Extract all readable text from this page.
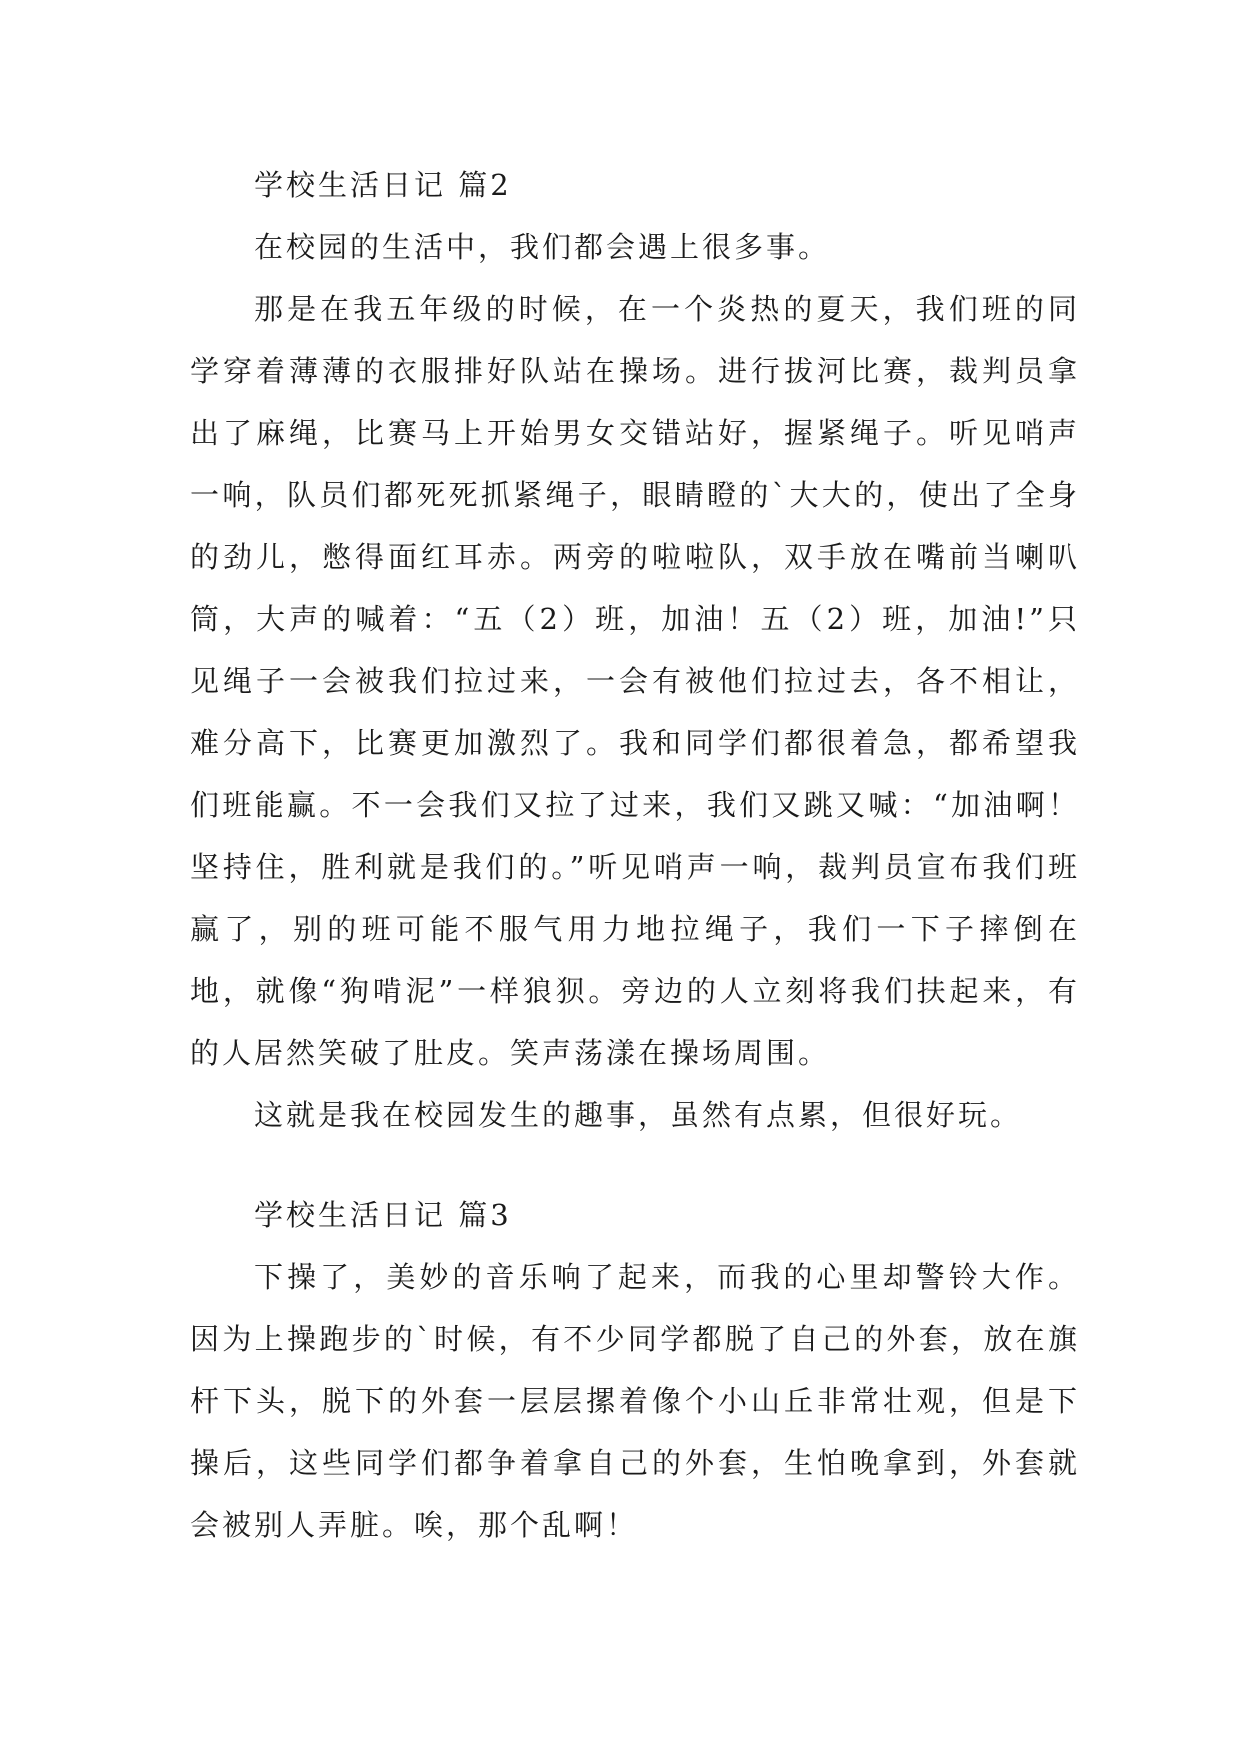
学校生活日记 篇2

在校园的生活中，我们都会遇上很多事。

那是在我五年级的时候，在一个炎热的夏天，我们班的同学穿着薄薄的衣服排好队站在操场。进行拔河比赛，裁判员拿出了麻绳，比赛马上开始男女交错站好，握紧绳子。听见哨声一响，队员们都死死抓紧绳子，眼睛瞪的`大大的，使出了全身的劲儿，憋得面红耳赤。两旁的啦啦队，双手放在嘴前当喇叭筒，大声的喊着：“五（2）班，加油！五（2）班，加油!”只见绳子一会被我们拉过来，一会有被他们拉过去，各不相让，难分高下，比赛更加激烈了。我和同学们都很着急，都希望我们班能赢。不一会我们又拉了过来，我们又跳又喊：“加油啊！坚持住，胜利就是我们的。”听见哨声一响，裁判员宣布我们班赢了，别的班可能不服气用力地拉绳子，我们一下子摔倒在地，就像“狗啃泥”一样狼狈。旁边的人立刻将我们扶起来，有的人居然笑破了肚皮。笑声荡漾在操场周围。

这就是我在校园发生的趣事，虽然有点累，但很好玩。

学校生活日记 篇3

下操了，美妙的音乐响了起来，而我的心里却警铃大作。因为上操跑步的`时候，有不少同学都脱了自己的外套，放在旗杆下头，脱下的外套一层层摞着像个小山丘非常壮观，但是下操后，这些同学们都争着拿自己的外套，生怕晚拿到，外套就会被别人弄脏。唉，那个乱啊！
